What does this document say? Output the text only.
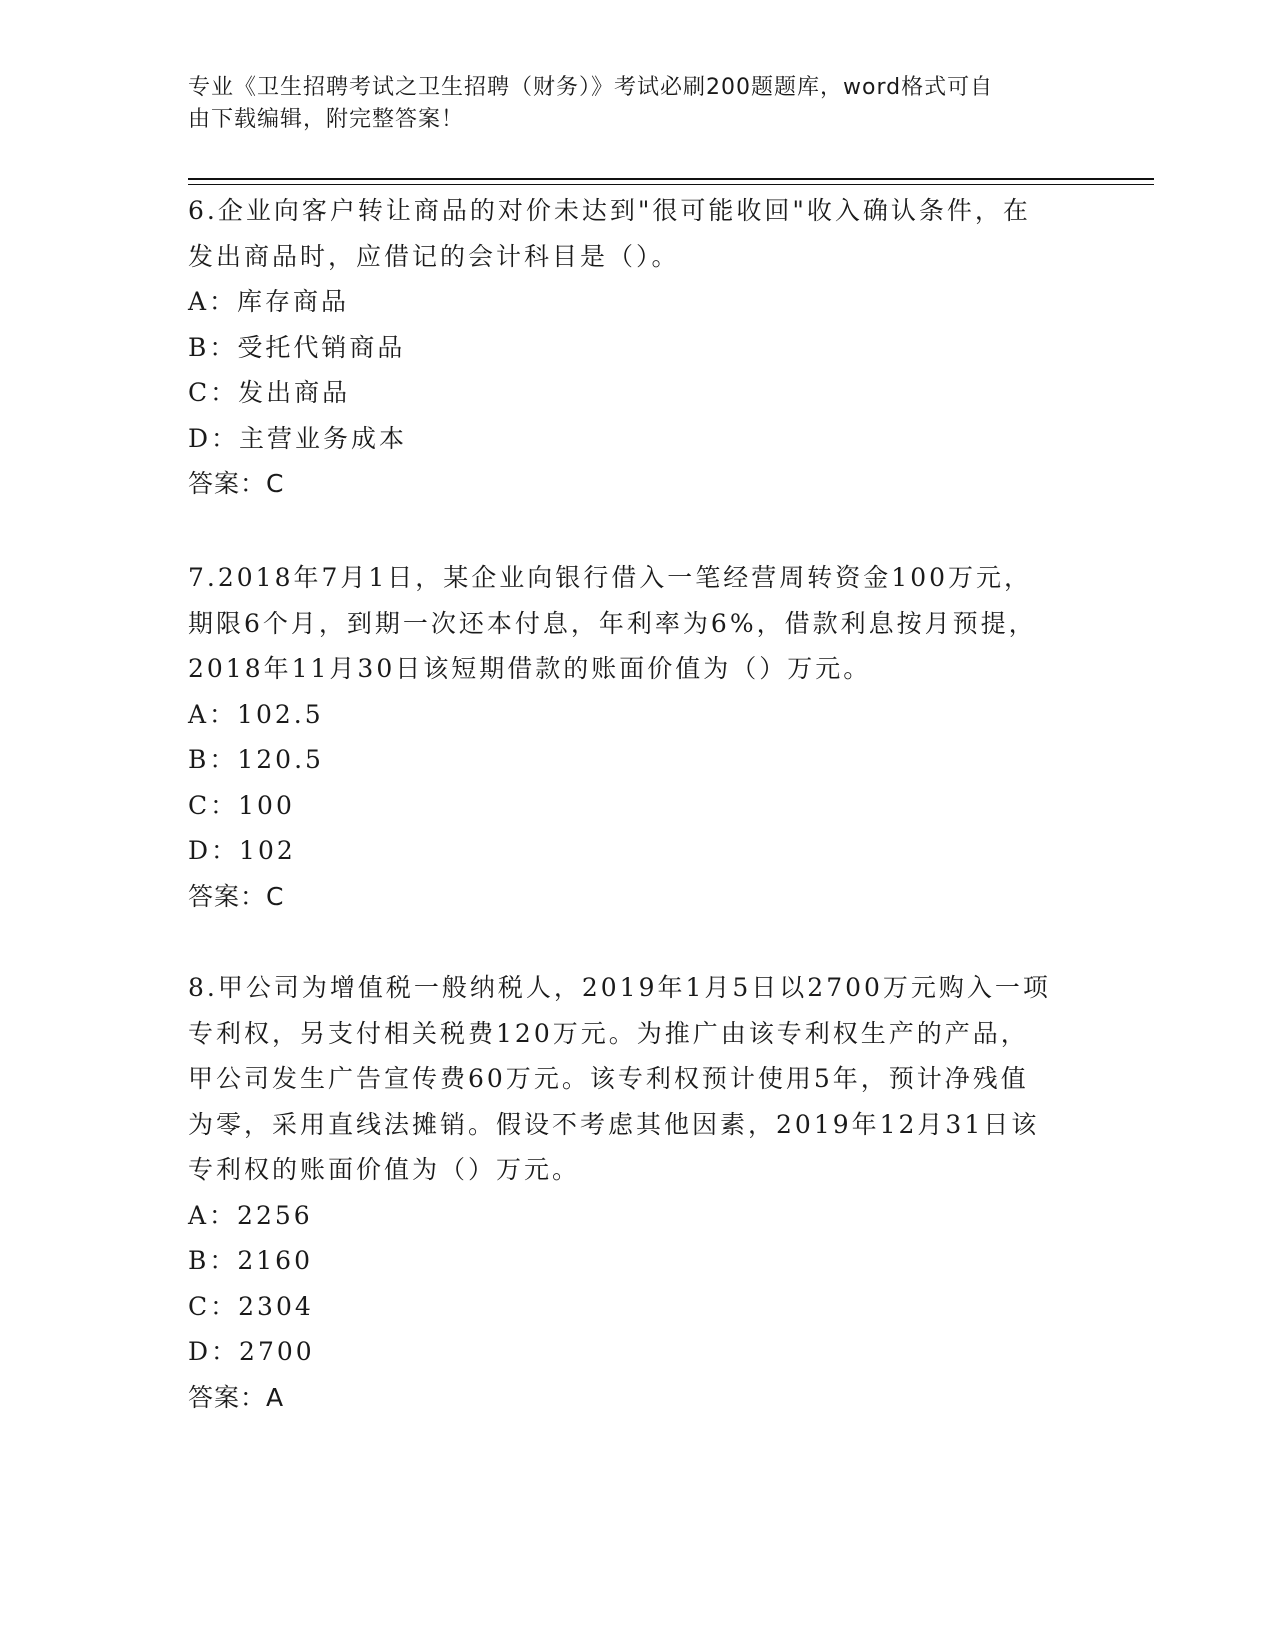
专业《卫生招聘考试之卫生招聘（财务）》考试必刷200题题库，word格式可自

由下载编辑，附完整答案！

6.企业向客户转让商品的对价未达到"很可能收回"收入确认条件，在
发出商品时，应借记的会计科目是（）。
A：库存商品
B：受托代销商品
C：发出商品
D：主营业务成本
答案：C
7.2018年7月1日，某企业向银行借入一笔经营周转资金100万元，
期限6个月，到期一次还本付息，年利率为6%，借款利息按月预提，
2018年11月30日该短期借款的账面价值为（）万元。
A：102.5
B：120.5
C：100
D：102
答案：C
8.甲公司为增值税一般纳税人，2019年1月5日以2700万元购入一项
专利权，另支付相关税费120万元。为推广由该专利权生产的产品，
甲公司发生广告宣传费60万元。该专利权预计使用5年，预计净残值
为零，采用直线法摊销。假设不考虑其他因素，2019年12月31日该
专利权的账面价值为（）万元。
A：2256
B：2160
C：2304
D：2700
答案：A
